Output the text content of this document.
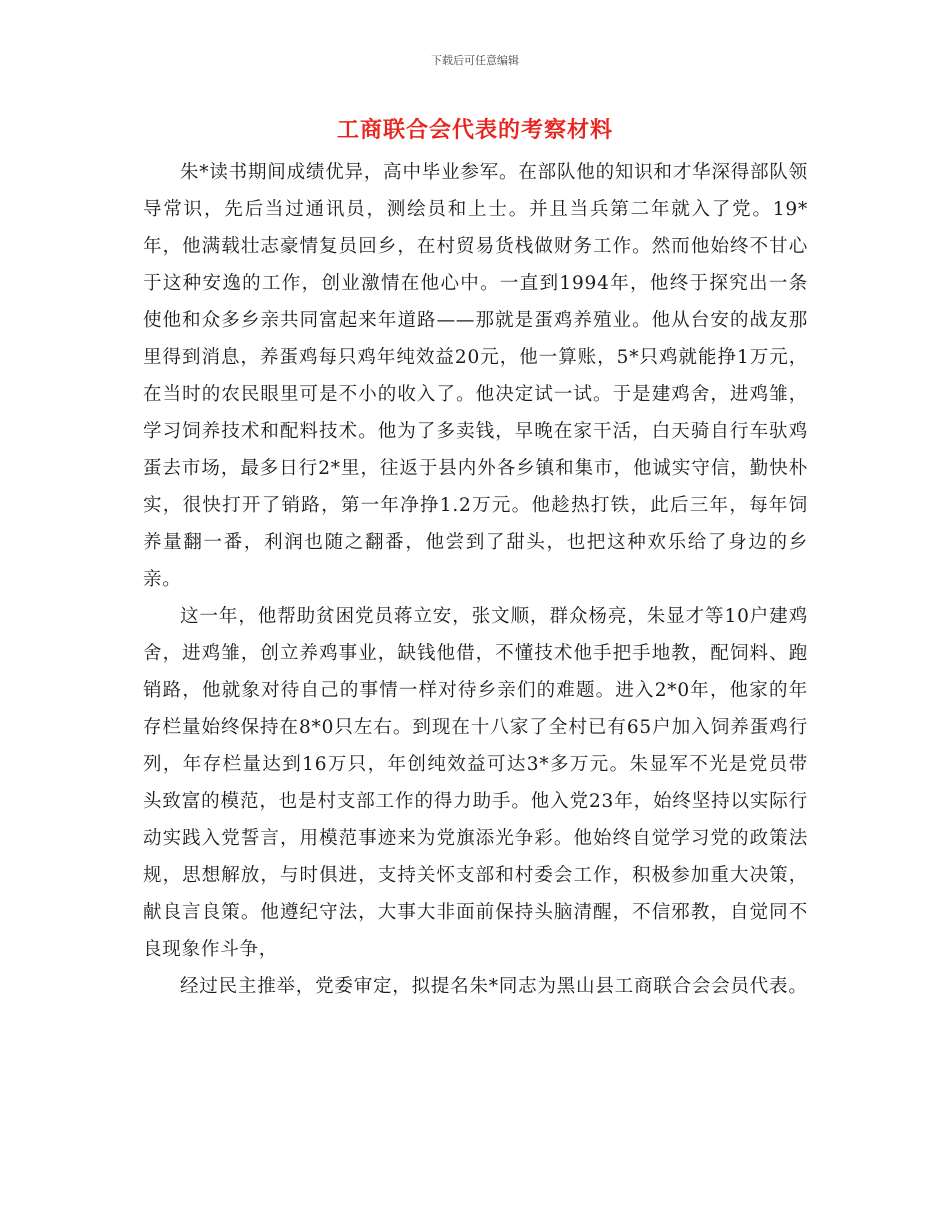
下载后可任意编辑
工商联合会代表的考察材料

朱*读书期间成绩优异，高中毕业参军。在部队他的知识和才华深得部队领导常识，先后当过通讯员，测绘员和上士。并且当兵第二年就入了党。19*年，他满载壮志豪情复员回乡，在村贸易货栈做财务工作。然而他始终不甘心于这种安逸的工作，创业激情在他心中。一直到1994年，他终于探究出一条使他和众多乡亲共同富起来年道路——那就是蛋鸡养殖业。他从台安的战友那里得到消息，养蛋鸡每只鸡年纯效益20元，他一算账，5*只鸡就能挣1万元，在当时的农民眼里可是不小的收入了。他决定试一试。于是建鸡舍，进鸡雏，学习饲养技术和配料技术。他为了多卖钱，早晚在家干活，白天骑自行车驮鸡蛋去市场，最多日行2*里，往返于县内外各乡镇和集市，他诚实守信，勤快朴实，很快打开了销路，第一年净挣1.2万元。他趁热打铁，此后三年，每年饲养量翻一番，利润也随之翻番，他尝到了甜头，也把这种欢乐给了身边的乡亲。

这一年，他帮助贫困党员蒋立安，张文顺，群众杨亮，朱显才等10户建鸡舍，进鸡雏，创立养鸡事业，缺钱他借，不懂技术他手把手地教，配饲料、跑销路，他就象对待自己的事情一样对待乡亲们的难题。进入2*0年，他家的年存栏量始终保持在8*0只左右。到现在十八家了全村已有65户加入饲养蛋鸡行列，年存栏量达到16万只，年创纯效益可达3*多万元。朱显军不光是党员带头致富的模范，也是村支部工作的得力助手。他入党23年，始终坚持以实际行动实践入党誓言，用模范事迹来为党旗添光争彩。他始终自觉学习党的政策法规，思想解放，与时俱进，支持关怀支部和村委会工作，积极参加重大决策，献良言良策。他遵纪守法，大事大非面前保持头脑清醒，不信邪教，自觉同不良现象作斗争，

经过民主推举，党委审定，拟提名朱*同志为黑山县工商联合会会员代表。
